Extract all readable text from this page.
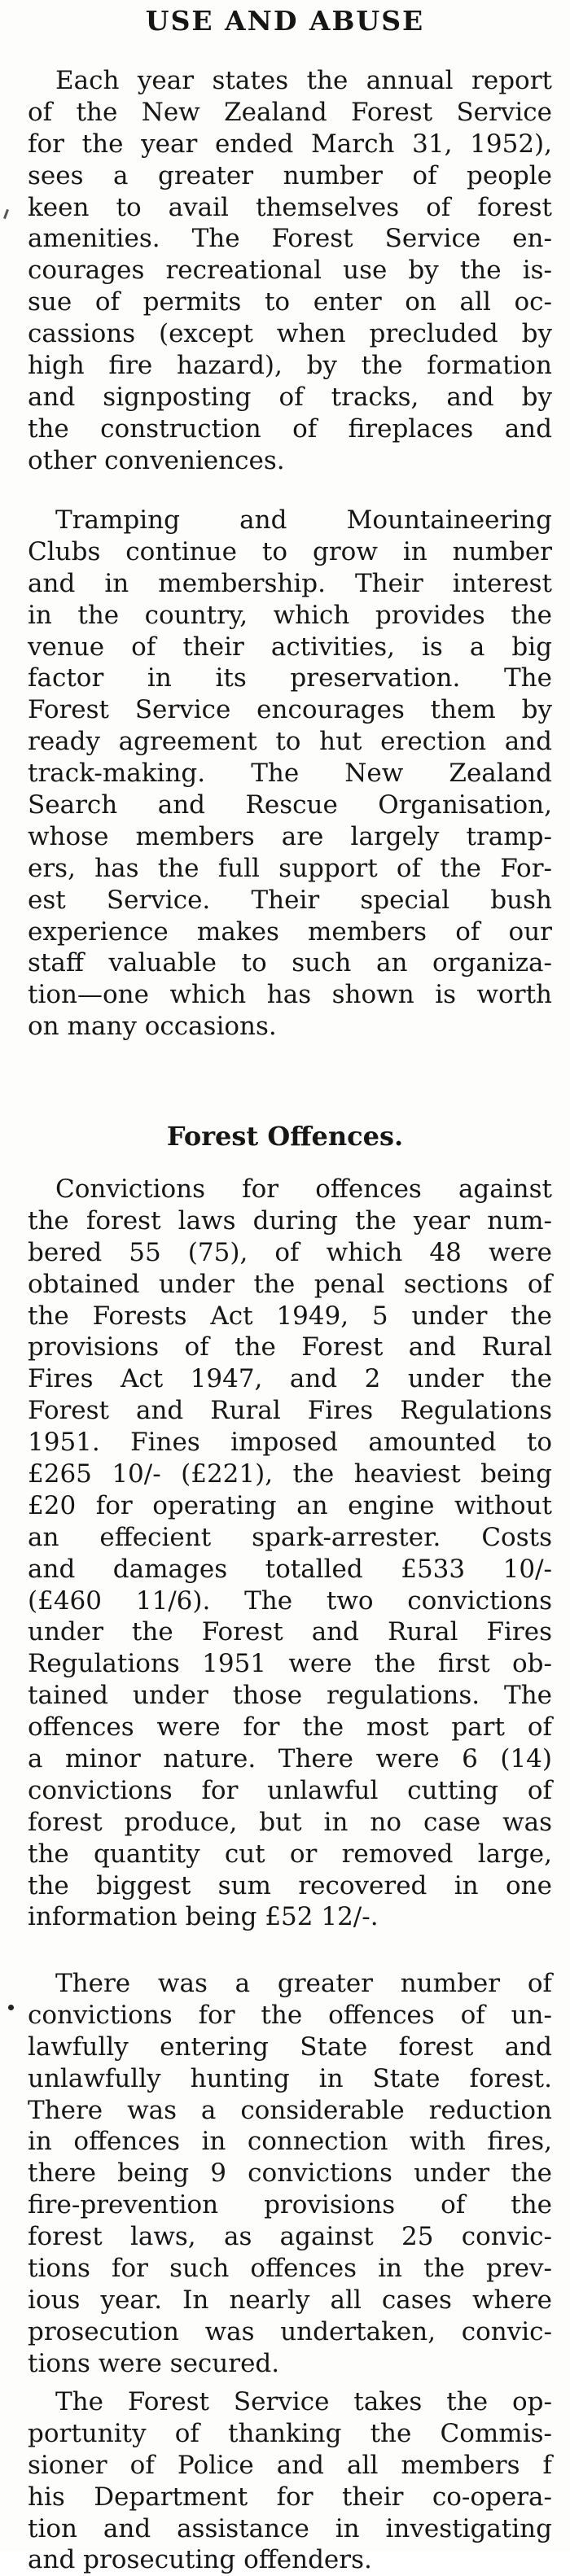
USE AND ABUSE
Each year states the annual report
of the New Zealand Forest Service
for the year ended March 31, 1952),
sees a greater number of people
keen to avail themselves of forest
amenities. The Forest Service en-
courages recreational use by the is-
sue of permits to enter on all oc-
cassions (except when precluded by
high fire hazard), by the formation
and signposting of tracks, and by
the construction of fireplaces and
other conveniences.
Tramping and Mountaineering
Clubs continue to grow in number
and in membership. Their interest
in the country, which provides the
venue of their activities, is a big
factor in its preservation. The
Forest Service encourages them by
ready agreement to hut erection and
track-making. The New Zealand
Search and Rescue Organisation,
whose members are largely tramp-
ers, has the full support of the For-
est Service. Their special bush
experience makes members of our
staff valuable to such an organiza-
tion—one which has shown is worth
on many occasions.
Forest Offences.
Convictions for offences against
the forest laws during the year num-
bered 55 (75), of which 48 were
obtained under the penal sections of
the Forests Act 1949, 5 under the
provisions of the Forest and Rural
Fires Act 1947, and 2 under the
Forest and Rural Fires Regulations
1951. Fines imposed amounted to
£265 10/- (£221), the heaviest being
£20 for operating an engine without
an effecient spark-arrester. Costs
and damages totalled £533 10/-
(£460 11/6). The two convictions
under the Forest and Rural Fires
Regulations 1951 were the first ob-
tained under those regulations. The
offences were for the most part of
a minor nature. There were 6 (14)
convictions for unlawful cutting of
forest produce, but in no case was
the quantity cut or removed large,
the biggest sum recovered in one
information being £52 12/-.
There was a greater number of
convictions for the offences of un-
lawfully entering State forest and
unlawfully hunting in State forest.
There was a considerable reduction
in offences in connection with fires,
there being 9 convictions under the
fire-prevention provisions of the
forest laws, as against 25 convic-
tions for such offences in the prev-
ious year. In nearly all cases where
prosecution was undertaken, convic-
tions were secured.
The Forest Service takes the op-
portunity of thanking the Commis-
sioner of Police and all members f
his Department for their co-opera-
tion and assistance in investigating
and prosecuting offenders.
